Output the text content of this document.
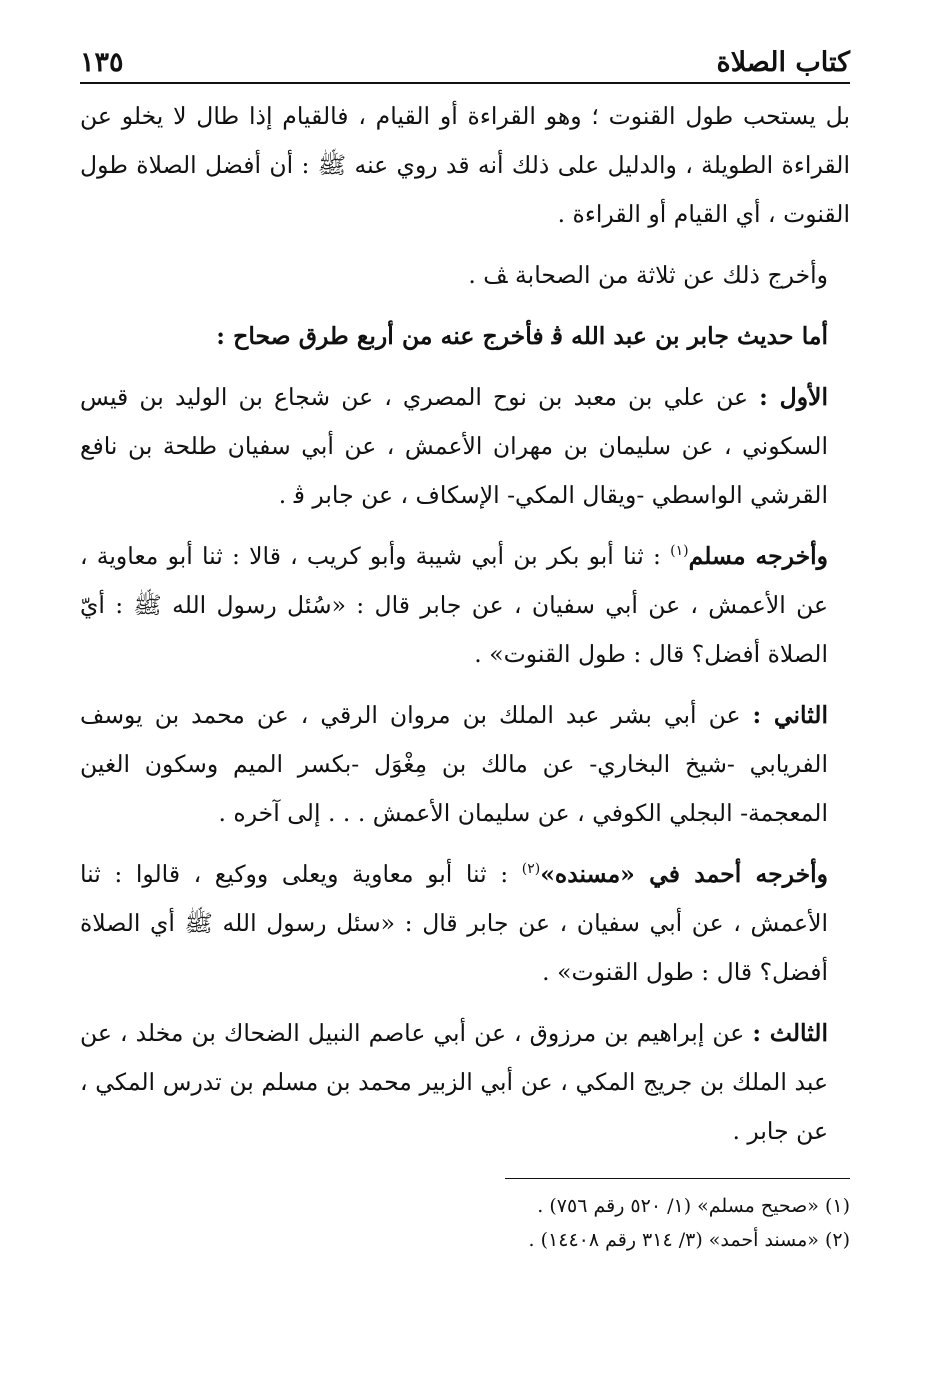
كتاب الصلاة
١٣٥

بل يستحب طول القنوت ؛ وهو القراءة أو القيام ، فالقيام إذا طال لا يخلو عن القراءة الطويلة ، والدليل على ذلك أنه قد روي عنه ﷺ : أن أفضل الصلاة طول القنوت ، أي القيام أو القراءة .

وأخرج ذلك عن ثلاثة من الصحابة ﭫ .

أما حديث جابر بن عبد الله ﭬ فأخرج عنه من أربع طرق صحاح :

الأول : عن علي بن معبد بن نوح المصري ، عن شجاع بن الوليد بن قيس السكوني ، عن سليمان بن مهران الأعمش ، عن أبي سفيان طلحة بن نافع القرشي الواسطي -ويقال المكي- الإسكاف ، عن جابر ﭬ .

وأخرجه مسلم$^{(١)}$ : ثنا أبو بكر بن أبي شيبة وأبو كريب ، قالا : ثنا أبو معاوية ، عن الأعمش ، عن أبي سفيان ، عن جابر قال : «سُئل رسول الله ﷺ : أيّ الصلاة أفضل؟ قال : طول القنوت» .

الثاني : عن أبي بشر عبد الملك بن مروان الرقي ، عن محمد بن يوسف الفريابي -شيخ البخاري- عن مالك بن مِغْوَل -بكسر الميم وسكون الغين المعجمة- البجلي الكوفي ، عن سليمان الأعمش . . . إلى آخره .

وأخرجه أحمد في «مسنده»$^{(٢)}$ : ثنا أبو معاوية ويعلى ووكيع ، قالوا : ثنا الأعمش ، عن أبي سفيان ، عن جابر قال : «سئل رسول الله ﷺ أي الصلاة أفضل؟ قال : طول القنوت» .

الثالث : عن إبراهيم بن مرزوق ، عن أبي عاصم النبيل الضحاك بن مخلد ، عن عبد الملك بن جريج المكي ، عن أبي الزبير محمد بن مسلم بن تدرس المكي ، عن جابر .

(١) «صحيح مسلم» (١/ ٥٢٠ رقم ٧٥٦) .
(٢) «مسند أحمد» (٣/ ٣١٤ رقم ١٤٤٠٨) .
